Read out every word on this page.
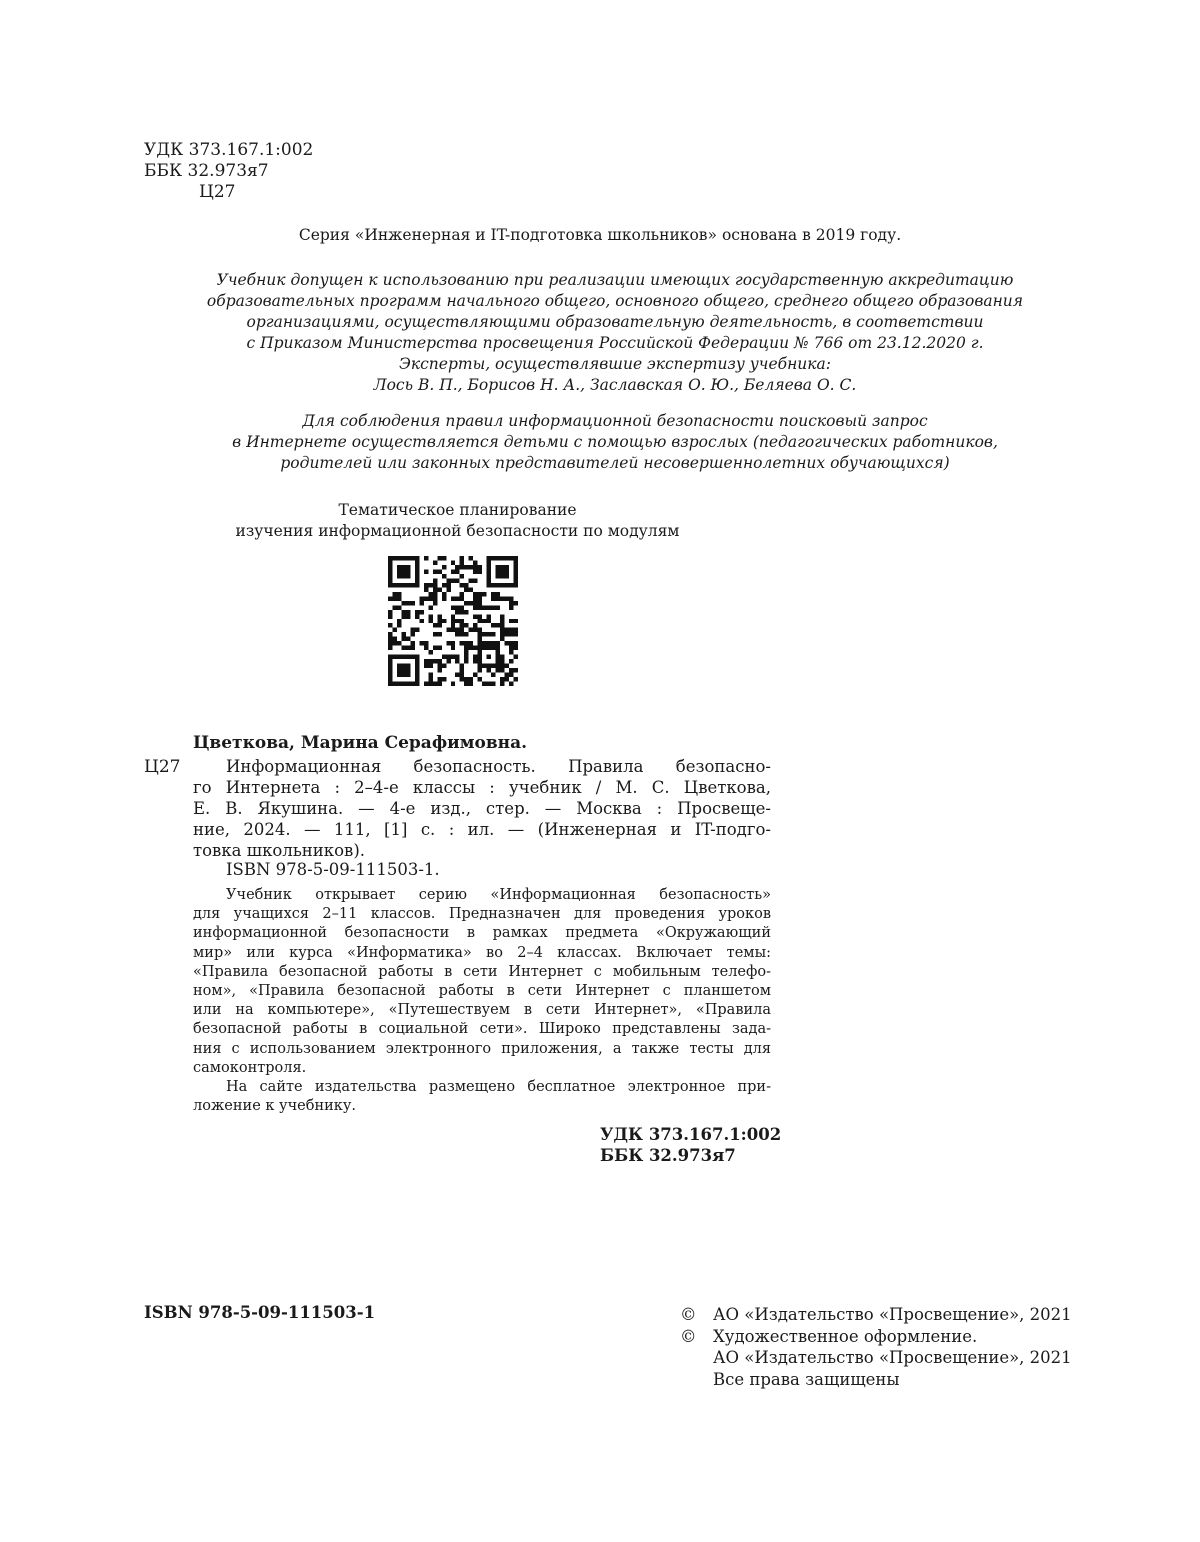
УДК 373.167.1:002
ББК 32.973я7
Ц27
Серия «Инженерная и IT-подготовка школьников» основана в 2019 году.
Учебник допущен к использованию при реализации имеющих государственную аккредитацию
образовательных программ начального общего, основного общего, среднего общего образования
организациями, осуществляющими образовательную деятельность, в соответствии
с Приказом Министерства просвещения Российской Федерации № 766 от 23.12.2020 г.
Эксперты, осуществлявшие экспертизу учебника:
Лось В. П., Борисов Н. А., Заславская О. Ю., Беляева О. С.
Для соблюдения правил информационной безопасности поисковый запрос
в Интернете осуществляется детьми с помощью взрослых (педагогических работников,
родителей или законных представителей несовершеннолетних обучающихся)
Тематическое планирование
изучения информационной безопасности по модулям
Цветкова, Марина Серафимовна.
Ц27	Информационная безопасность. Правила безопасно-
го Интернета : 2–4-е классы : учебник / М. С. Цветкова,
Е. В. Якушина. — 4-е изд., стер. — Москва : Просвеще-
ние, 2024. — 111, [1] с. : ил. — (Инженерная и IT-подго-
товка школьников).
ISBN 978-5-09-111503-1.
Учебник открывает серию «Информационная безопасность»
для учащихся 2–11 классов. Предназначен для проведения уроков
информационной безопасности в рамках предмета «Окружающий
мир» или курса «Информатика» во 2–4 классах. Включает темы:
«Правила безопасной работы в сети Интернет с мобильным телефо-
ном», «Правила безопасной работы в сети Интернет с планшетом
или на компьютере», «Путешествуем в сети Интернет», «Правила
безопасной работы в социальной сети». Широко представлены зада-
ния с использованием электронного приложения, а также тесты для
самоконтроля.
На сайте издательства размещено бесплатное электронное при-
ложение к учебнику.
УДК 373.167.1:002
ББК 32.973я7
ISBN 978-5-09-111503-1	© АО «Издательство «Просвещение», 2021
© Художественное оформление.
АО «Издательство «Просвещение», 2021
Все права защищены
